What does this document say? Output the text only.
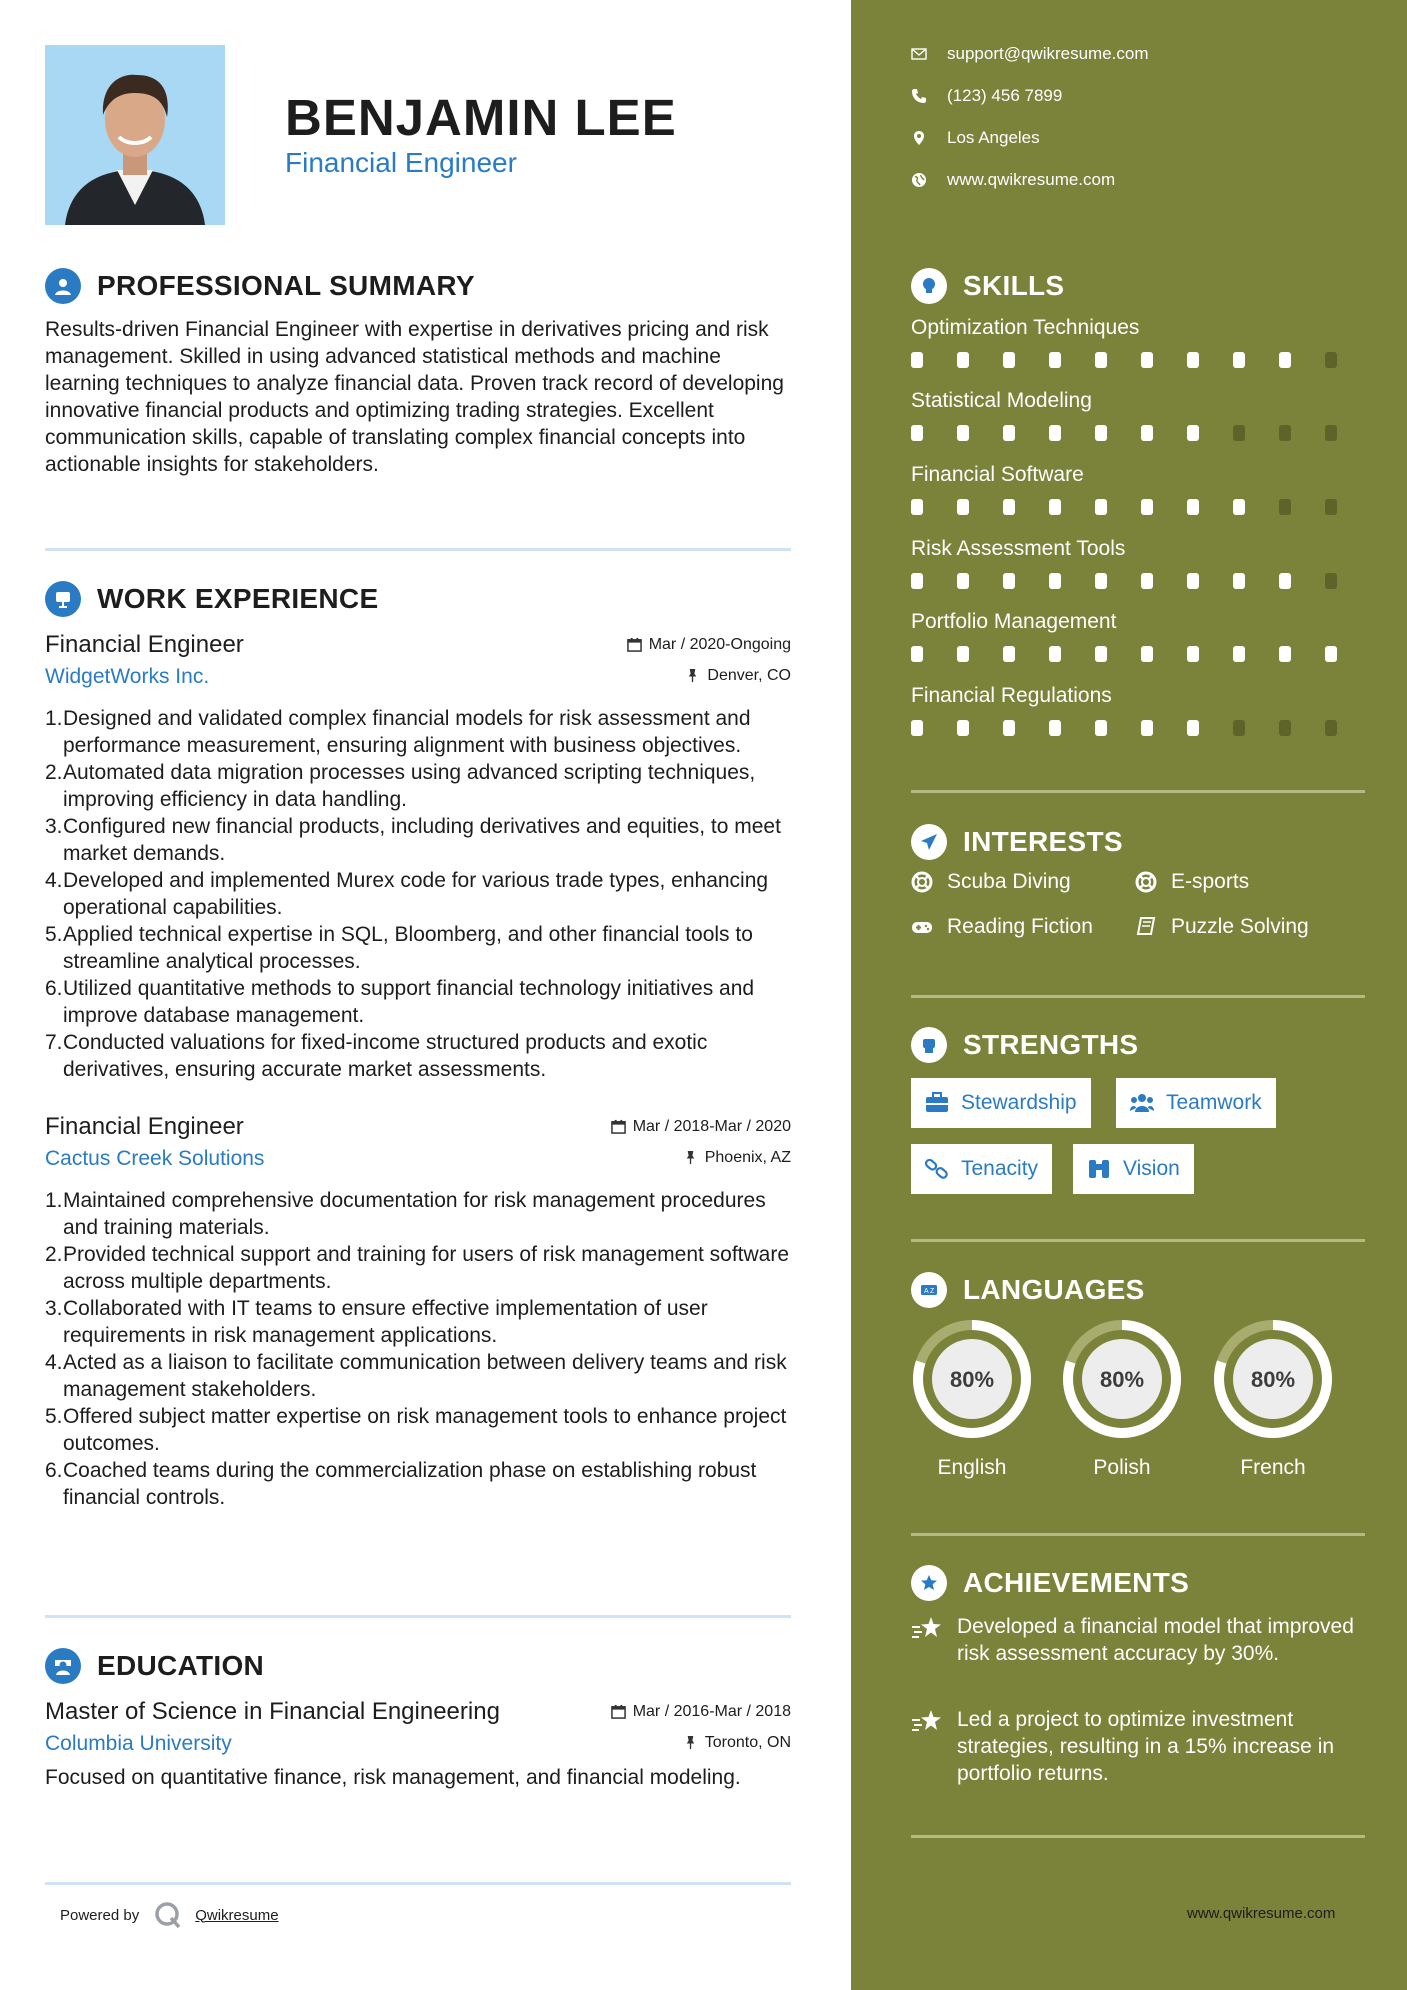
BENJAMIN LEE
Financial Engineer
PROFESSIONAL SUMMARY
Results-driven Financial Engineer with expertise in derivatives pricing and risk management. Skilled in using advanced statistical methods and machine learning techniques to analyze financial data. Proven track record of developing innovative financial products and optimizing trading strategies. Excellent communication skills, capable of translating complex financial concepts into actionable insights for stakeholders.
WORK EXPERIENCE
Financial Engineer	Mar / 2020-Ongoing
WidgetWorks Inc.	Denver, CO
1. Designed and validated complex financial models for risk assessment and performance measurement, ensuring alignment with business objectives.
2. Automated data migration processes using advanced scripting techniques, improving efficiency in data handling.
3. Configured new financial products, including derivatives and equities, to meet market demands.
4. Developed and implemented Murex code for various trade types, enhancing operational capabilities.
5. Applied technical expertise in SQL, Bloomberg, and other financial tools to streamline analytical processes.
6. Utilized quantitative methods to support financial technology initiatives and improve database management.
7. Conducted valuations for fixed-income structured products and exotic derivatives, ensuring accurate market assessments.
Financial Engineer	Mar / 2018-Mar / 2020
Cactus Creek Solutions	Phoenix, AZ
1. Maintained comprehensive documentation for risk management procedures and training materials.
2. Provided technical support and training for users of risk management software across multiple departments.
3. Collaborated with IT teams to ensure effective implementation of user requirements in risk management applications.
4. Acted as a liaison to facilitate communication between delivery teams and risk management stakeholders.
5. Offered subject matter expertise on risk management tools to enhance project outcomes.
6. Coached teams during the commercialization phase on establishing robust financial controls.
EDUCATION
Master of Science in Financial Engineering	Mar / 2016-Mar / 2018
Columbia University	Toronto, ON
Focused on quantitative finance, risk management, and financial modeling.
Powered by	Qwikresume
support@qwikresume.com
(123) 456 7899
Los Angeles
www.qwikresume.com
SKILLS
Optimization Techniques
Statistical Modeling
Financial Software
Risk Assessment Tools
Portfolio Management
Financial Regulations
INTERESTS
Scuba Diving	E-sports
Reading Fiction	Puzzle Solving
STRENGTHS
Stewardship	Teamwork
Tenacity	Vision
A Z LANGUAGES
80%
English
80%
Polish
80%
French
ACHIEVEMENTS
Developed a financial model that improved risk assessment accuracy by 30%.
Led a project to optimize investment strategies, resulting in a 15% increase in portfolio returns.
www.qwikresume.com
